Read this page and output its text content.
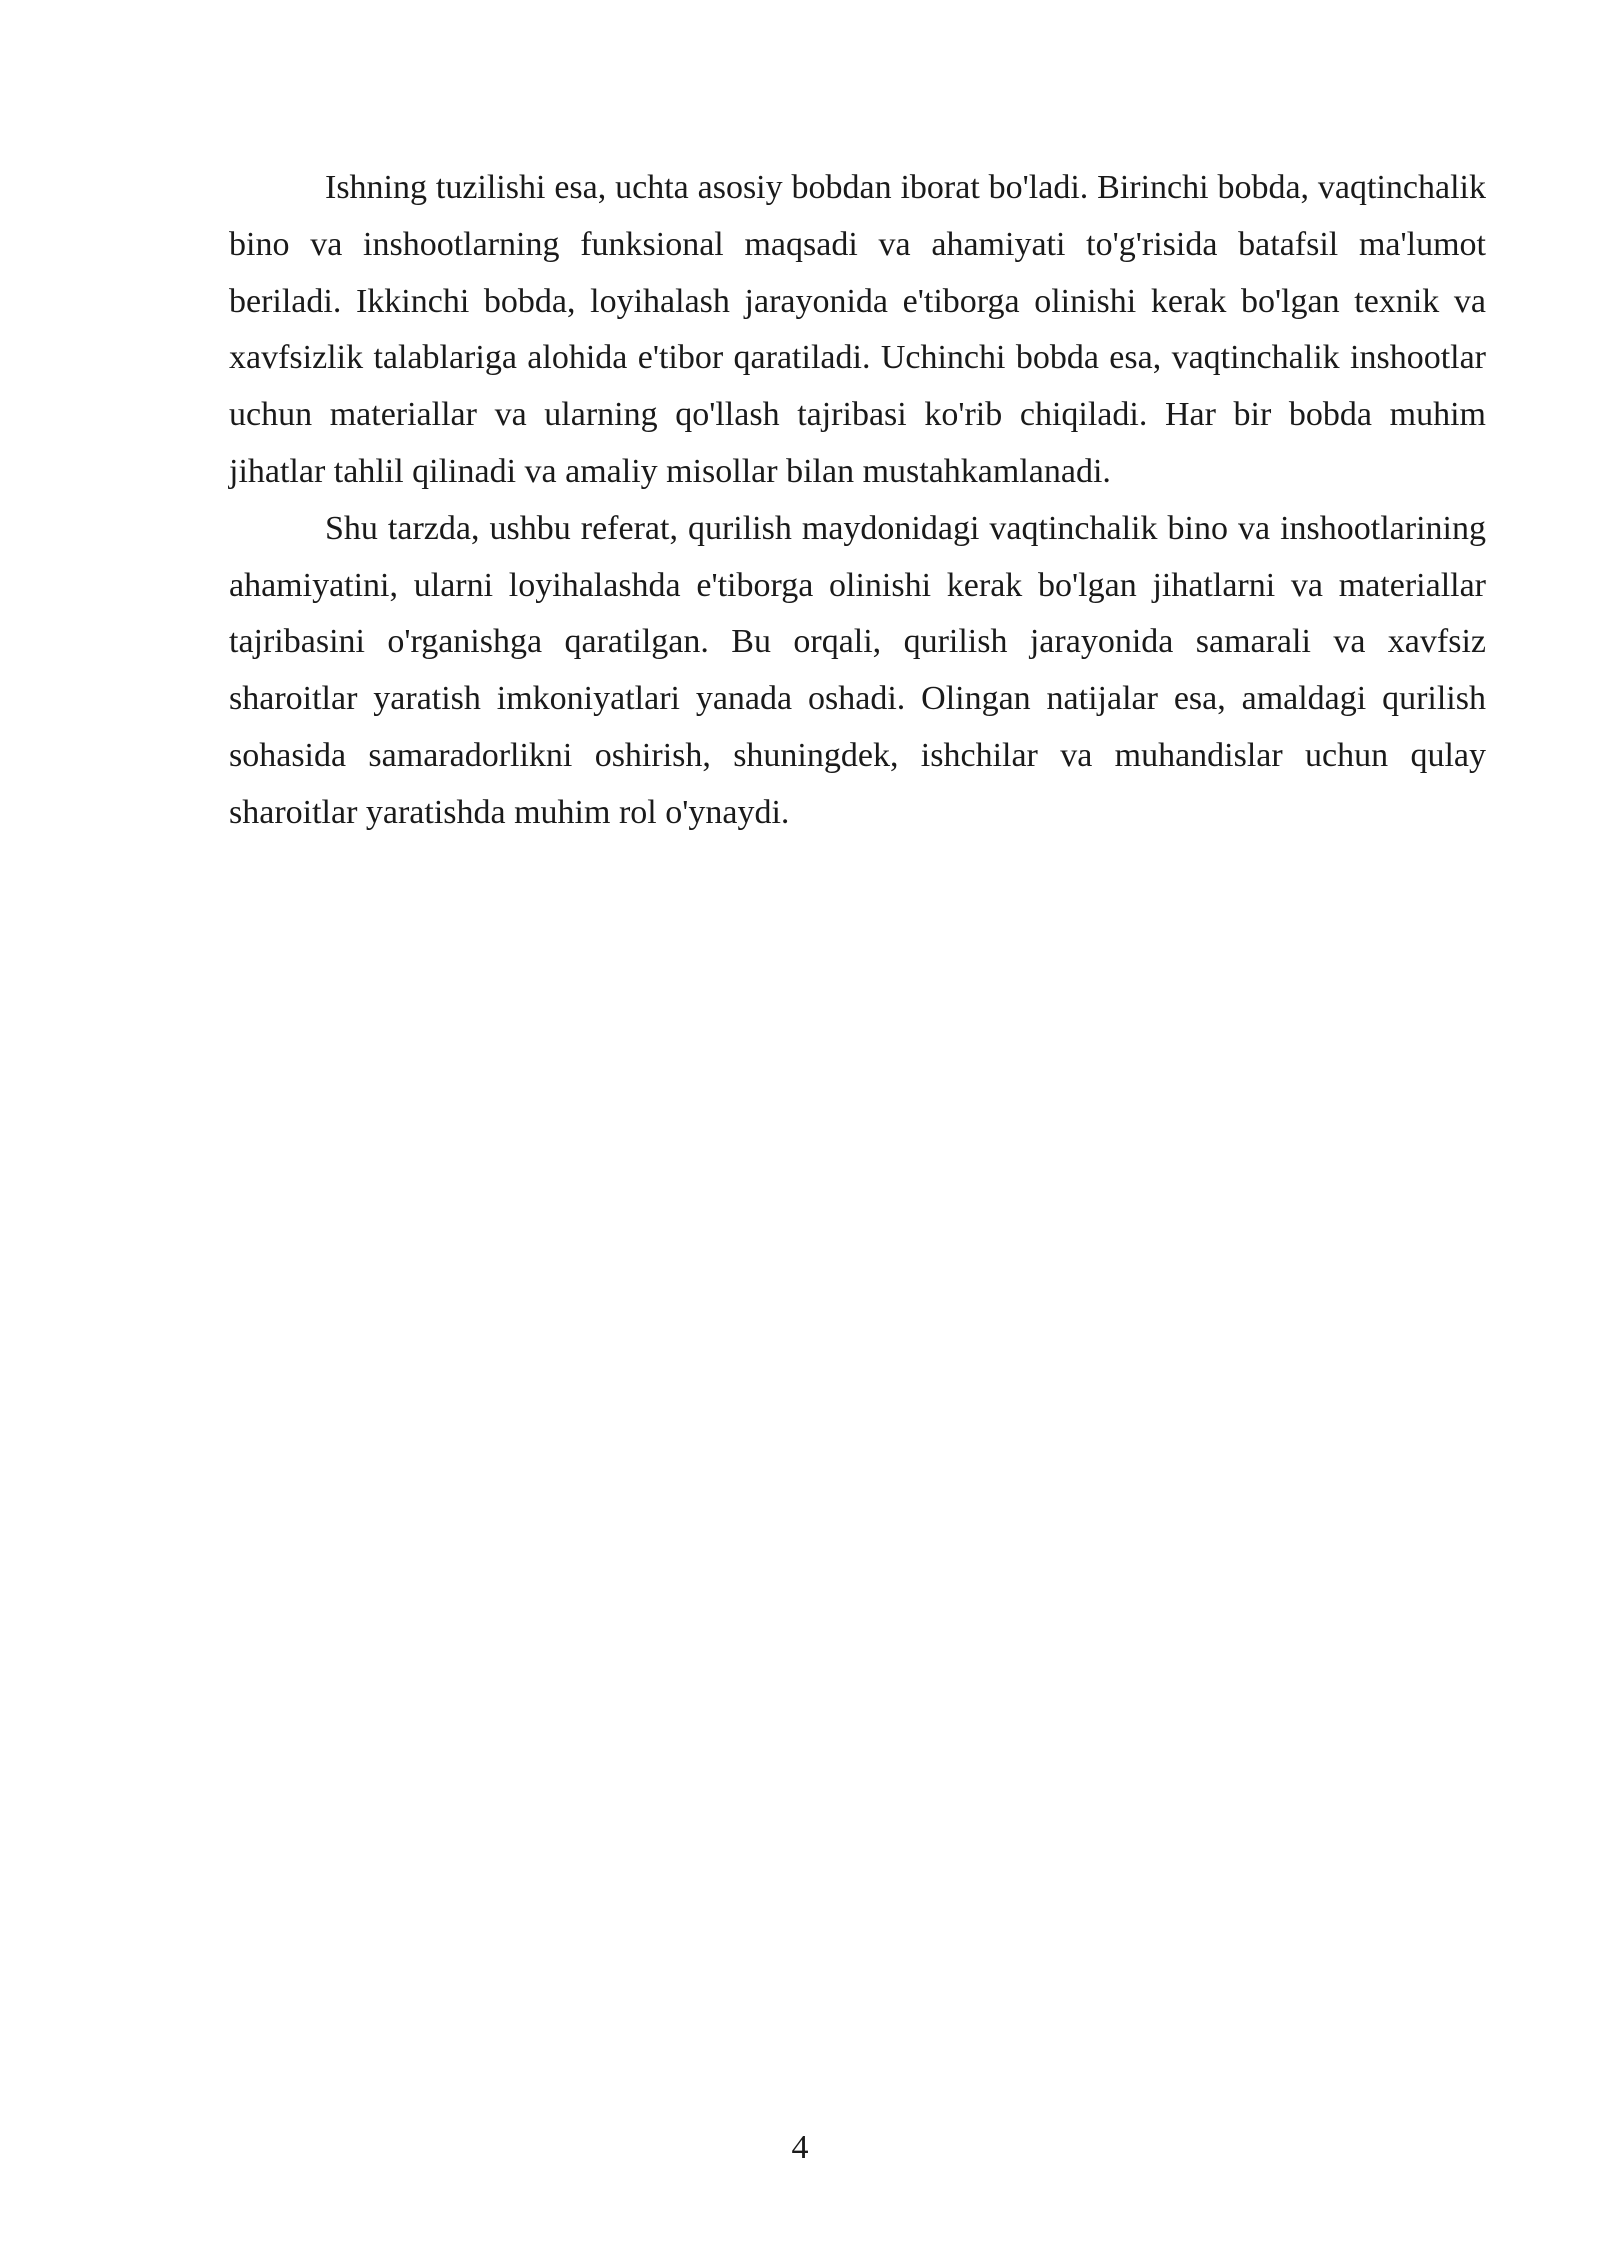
Ishning tuzilishi esa, uchta asosiy bobdan iborat bo'ladi. Birinchi bobda, vaqtinchalik bino va inshootlarning funksional maqsadi va ahamiyati to'g'risida batafsil ma'lumot beriladi. Ikkinchi bobda, loyihalash jarayonida e'tiborga olinishi kerak bo'lgan texnik va xavfsizlik talablariga alohida e'tibor qaratiladi. Uchinchi bobda esa, vaqtinchalik inshootlar uchun materiallar va ularning qo'llash tajribasi ko'rib chiqiladi. Har bir bobda muhim jihatlar tahlil qilinadi va amaliy misollar bilan mustahkamlanadi.

Shu tarzda, ushbu referat, qurilish maydonidagi vaqtinchalik bino va inshootlarining ahamiyatini, ularni loyihalashda e'tiborga olinishi kerak bo'lgan jihatlarni va materiallar tajribasini o'rganishga qaratilgan. Bu orqali, qurilish jarayonida samarali va xavfsiz sharoitlar yaratish imkoniyatlari yanada oshadi. Olingan natijalar esa, amaldagi qurilish sohasida samaradorlikni oshirish, shuningdek, ishchilar va muhandislar uchun qulay sharoitlar yaratishda muhim rol o'ynaydi.

4
